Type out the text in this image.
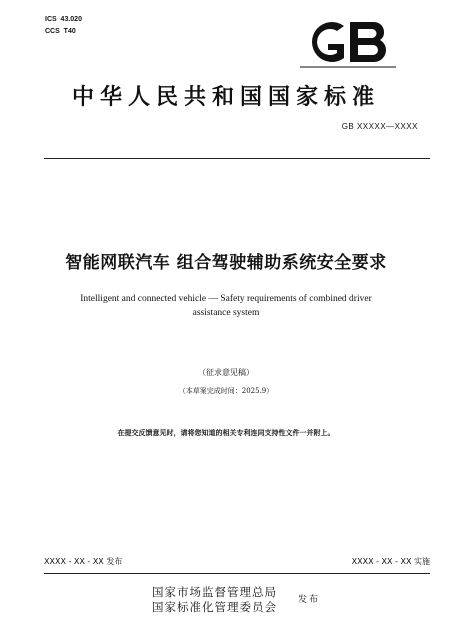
ICS  43.020
CCS  T40
中华人民共和国国家标准
GB XXXXX—XXXX
智能网联汽车 组合驾驶辅助系统安全要求
Intelligent and connected vehicle — Safety requirements of combined driver
assistance system
（征求意见稿）
（本草案完成时间：2025.9）
在提交反馈意见时，请将您知道的相关专利连同支持性文件一并附上。
XXXX - XX - XX 发布	XXXX - XX - XX 实施
国家市场监督管理总局
国家标准化管理委员会 发布
